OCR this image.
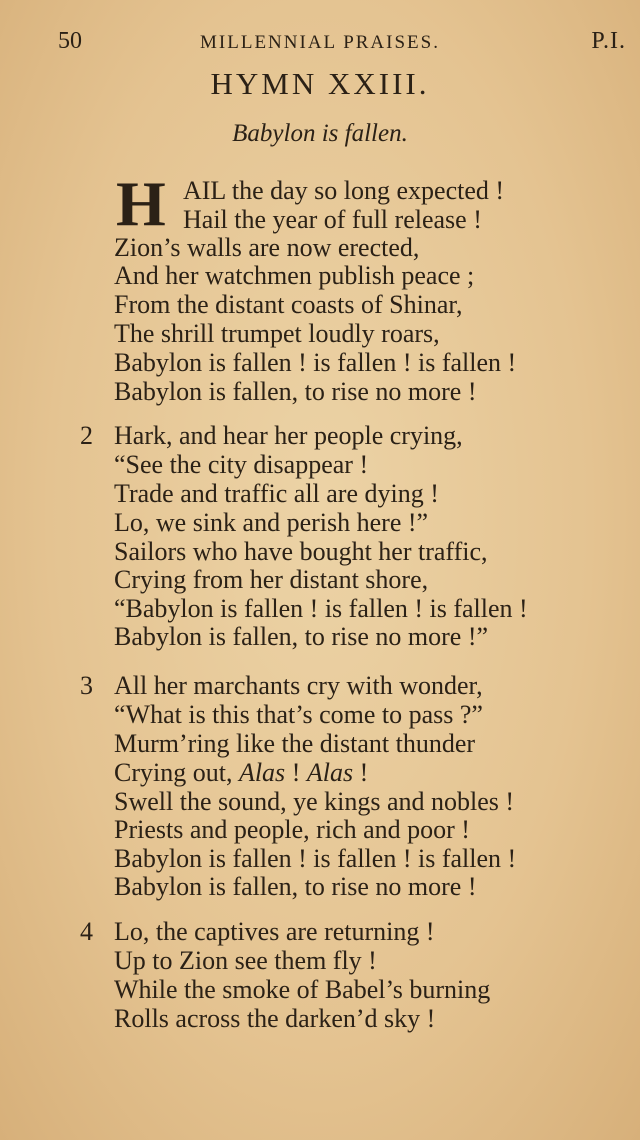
50	MILLENNIAL PRAISES.	P.I.
HYMN XXIII.
Babylon is fallen.
H AIL the day so long expected !
Hail the year of full release !
Zion’s walls are now erected,
And her watchmen publish peace ;
From the distant coasts of Shinar,
The shrill trumpet loudly roars,
Babylon is fallen ! is fallen ! is fallen !
Babylon is fallen, to rise no more !
2 Hark, and hear her people crying,
“See the city disappear !
Trade and traffic all are dying !
Lo, we sink and perish here !”
Sailors who have bought her traffic,
Crying from her distant shore,
“Babylon is fallen ! is fallen ! is fallen !
Babylon is fallen, to rise no more !”
3 All her marchants cry with wonder,
“What is this that’s come to pass ?”
Murm’ring like the distant thunder
Crying out, Alas ! Alas !
Swell the sound, ye kings and nobles !
Priests and people, rich and poor !
Babylon is fallen ! is fallen ! is fallen !
Babylon is fallen, to rise no more !
4 Lo, the captives are returning !
Up to Zion see them fly !
While the smoke of Babel’s burning
Rolls across the darken’d sky !
